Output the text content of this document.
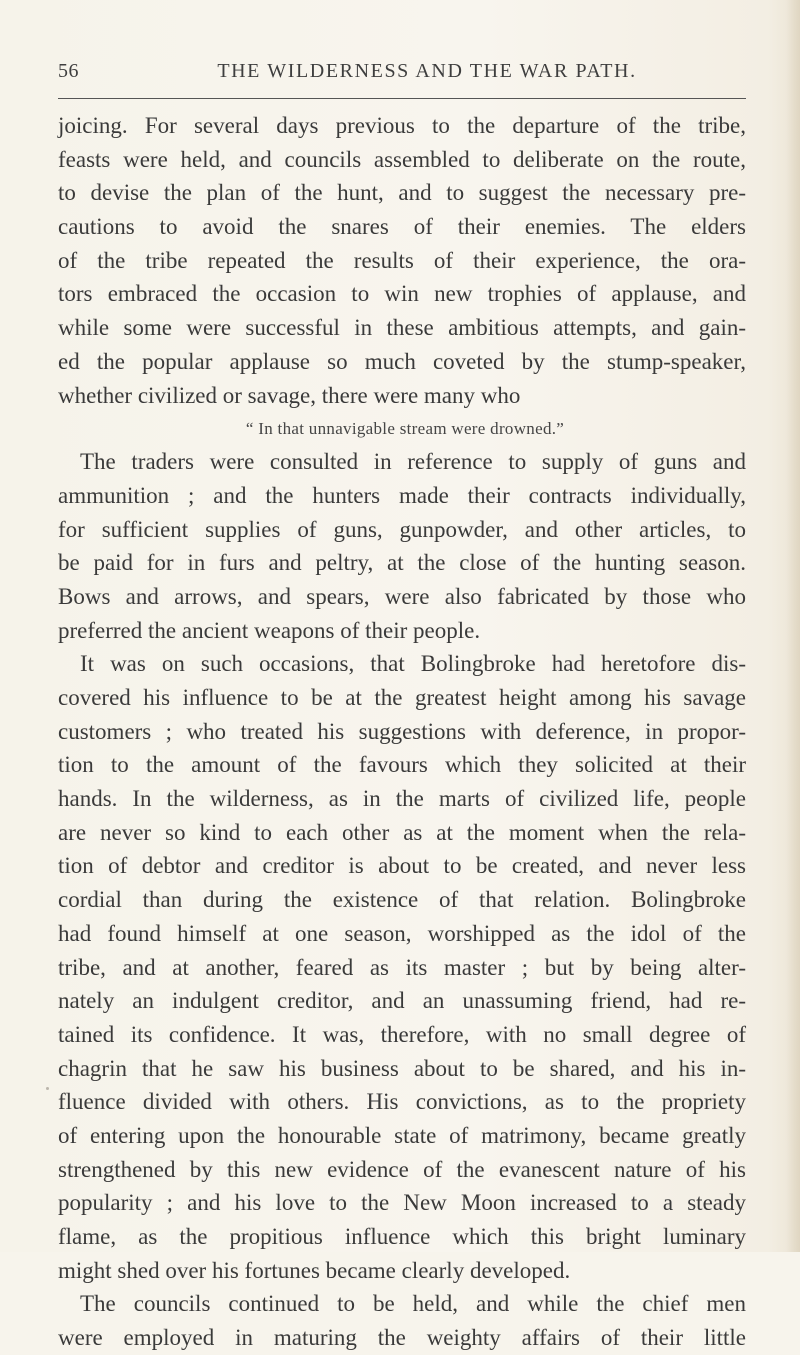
56	THE WILDERNESS AND THE WAR PATH.
joicing. For several days previous to the departure of the tribe,
feasts were held, and councils assembled to deliberate on the route,
to devise the plan of the hunt, and to suggest the necessary pre-
cautions to avoid the snares of their enemies. The elders
of the tribe repeated the results of their experience, the ora-
tors embraced the occasion to win new trophies of applause, and
while some were successful in these ambitious attempts, and gain-
ed the popular applause so much coveted by the stump-speaker,
whether civilized or savage, there were many who
“ In that unnavigable stream were drowned.”
The traders were consulted in reference to supply of guns and
ammunition ; and the hunters made their contracts individually,
for sufficient supplies of guns, gunpowder, and other articles, to
be paid for in furs and peltry, at the close of the hunting season.
Bows and arrows, and spears, were also fabricated by those who
preferred the ancient weapons of their people.
It was on such occasions, that Bolingbroke had heretofore dis-
covered his influence to be at the greatest height among his savage
customers ; who treated his suggestions with deference, in propor-
tion to the amount of the favours which they solicited at their
hands. In the wilderness, as in the marts of civilized life, people
are never so kind to each other as at the moment when the rela-
tion of debtor and creditor is about to be created, and never less
cordial than during the existence of that relation. Bolingbroke
had found himself at one season, worshipped as the idol of the
tribe, and at another, feared as its master ; but by being alter-
nately an indulgent creditor, and an unassuming friend, had re-
tained its confidence. It was, therefore, with no small degree of
chagrin that he saw his business about to be shared, and his in-
fluence divided with others. His convictions, as to the propriety
of entering upon the honourable state of matrimony, became greatly
strengthened by this new evidence of the evanescent nature of his
popularity ; and his love to the New Moon increased to a steady
flame, as the propitious influence which this bright luminary
might shed over his fortunes became clearly developed.
The councils continued to be held, and while the chief men
were employed in maturing the weighty affairs of their little
